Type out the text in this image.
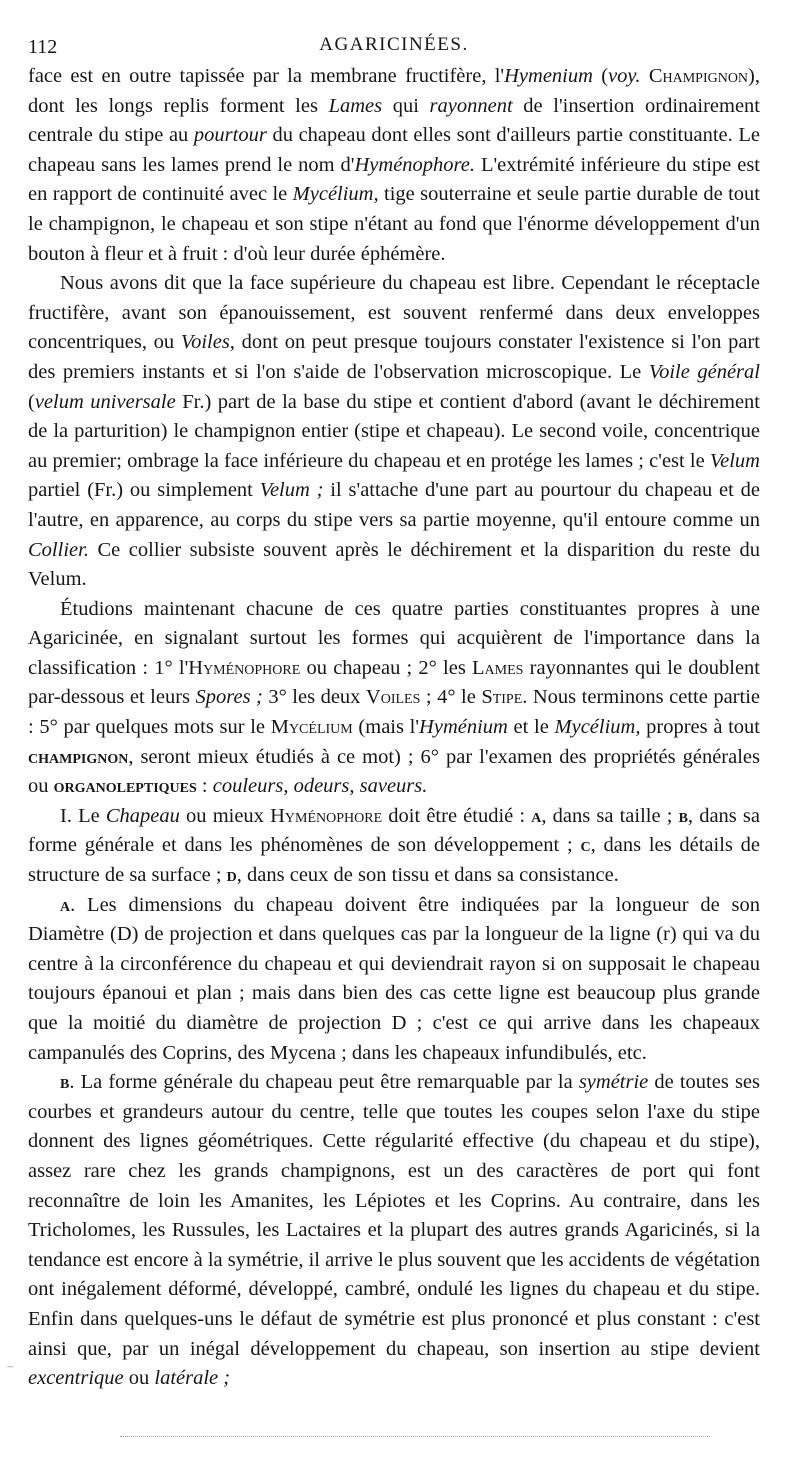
112	AGARICINÉES.

face est en outre tapissée par la membrane fructifère, l'Hymenium (voy. Champignon), dont les longs replis forment les Lames qui rayonnent de l'insertion ordinairement centrale du stipe au pourtour du chapeau dont elles sont d'ailleurs partie constituante. Le chapeau sans les lames prend le nom d'Hyménophore. L'extrémité inférieure du stipe est en rapport de continuité avec le Mycélium, tige souterraine et seule partie durable de tout le champignon, le chapeau et son stipe n'étant au fond que l'énorme développement d'un bouton à fleur et à fruit : d'où leur durée éphémère.

Nous avons dit que la face supérieure du chapeau est libre. Cependant le réceptacle fructifère, avant son épanouissement, est souvent renfermé dans deux enveloppes concentriques, ou Voiles, dont on peut presque toujours constater l'existence si l'on part des premiers instants et si l'on s'aide de l'observation microscopique. Le Voile général (velum universale Fr.) part de la base du stipe et contient d'abord (avant le déchirement de la parturition) le champignon entier (stipe et chapeau). Le second voile, concentrique au premier; ombrage la face inférieure du chapeau et en protége les lames ; c'est le Velum partiel (Fr.) ou simplement Velum ; il s'attache d'une part au pourtour du chapeau et de l'autre, en apparence, au corps du stipe vers sa partie moyenne, qu'il entoure comme un Collier. Ce collier subsiste souvent après le déchirement et la disparition du reste du Velum.

Étudions maintenant chacune de ces quatre parties constituantes propres à une Agaricinée, en signalant surtout les formes qui acquièrent de l'importance dans la classification : 1° l'Hyménophore ou chapeau ; 2° les Lames rayonnantes qui le doublent par-dessous et leurs Spores ; 3° les deux Voiles ; 4° le Stipe. Nous terminons cette partie : 5° par quelques mots sur le Mycélium (mais l'Hyménium et le Mycélium, propres à tout champignon, seront mieux étudiés à ce mot) ; 6° par l'examen des propriétés générales ou organoleptiques : couleurs, odeurs, saveurs.

I. Le Chapeau ou mieux Hyménophore doit être étudié : a, dans sa taille ; b, dans sa forme générale et dans les phénomènes de son développement ; c, dans les détails de structure de sa surface ; d, dans ceux de son tissu et dans sa consistance.

a. Les dimensions du chapeau doivent être indiquées par la longueur de son Diamètre (D) de projection et dans quelques cas par la longueur de la ligne (r) qui va du centre à la circonférence du chapeau et qui deviendrait rayon si on supposait le chapeau toujours épanoui et plan ; mais dans bien des cas cette ligne est beaucoup plus grande que la moitié du diamètre de projection D ; c'est ce qui arrive dans les chapeaux campanulés des Coprins, des Mycena ; dans les chapeaux infundibulés, etc.

b. La forme générale du chapeau peut être remarquable par la symétrie de toutes ses courbes et grandeurs autour du centre, telle que toutes les coupes selon l'axe du stipe donnent des lignes géométriques. Cette régularité effective (du chapeau et du stipe), assez rare chez les grands champignons, est un des caractères de port qui font reconnaître de loin les Amanites, les Lépiotes et les Coprins. Au contraire, dans les Tricholomes, les Russules, les Lactaires et la plupart des autres grands Agaricinés, si la tendance est encore à la symétrie, il arrive le plus souvent que les accidents de végétation ont inégalement déformé, développé, cambré, ondulé les lignes du chapeau et du stipe. Enfin dans quelques-uns le défaut de symétrie est plus prononcé et plus constant : c'est ainsi que, par un inégal développement du chapeau, son insertion au stipe devient excentrique ou latérale ;

⁻
